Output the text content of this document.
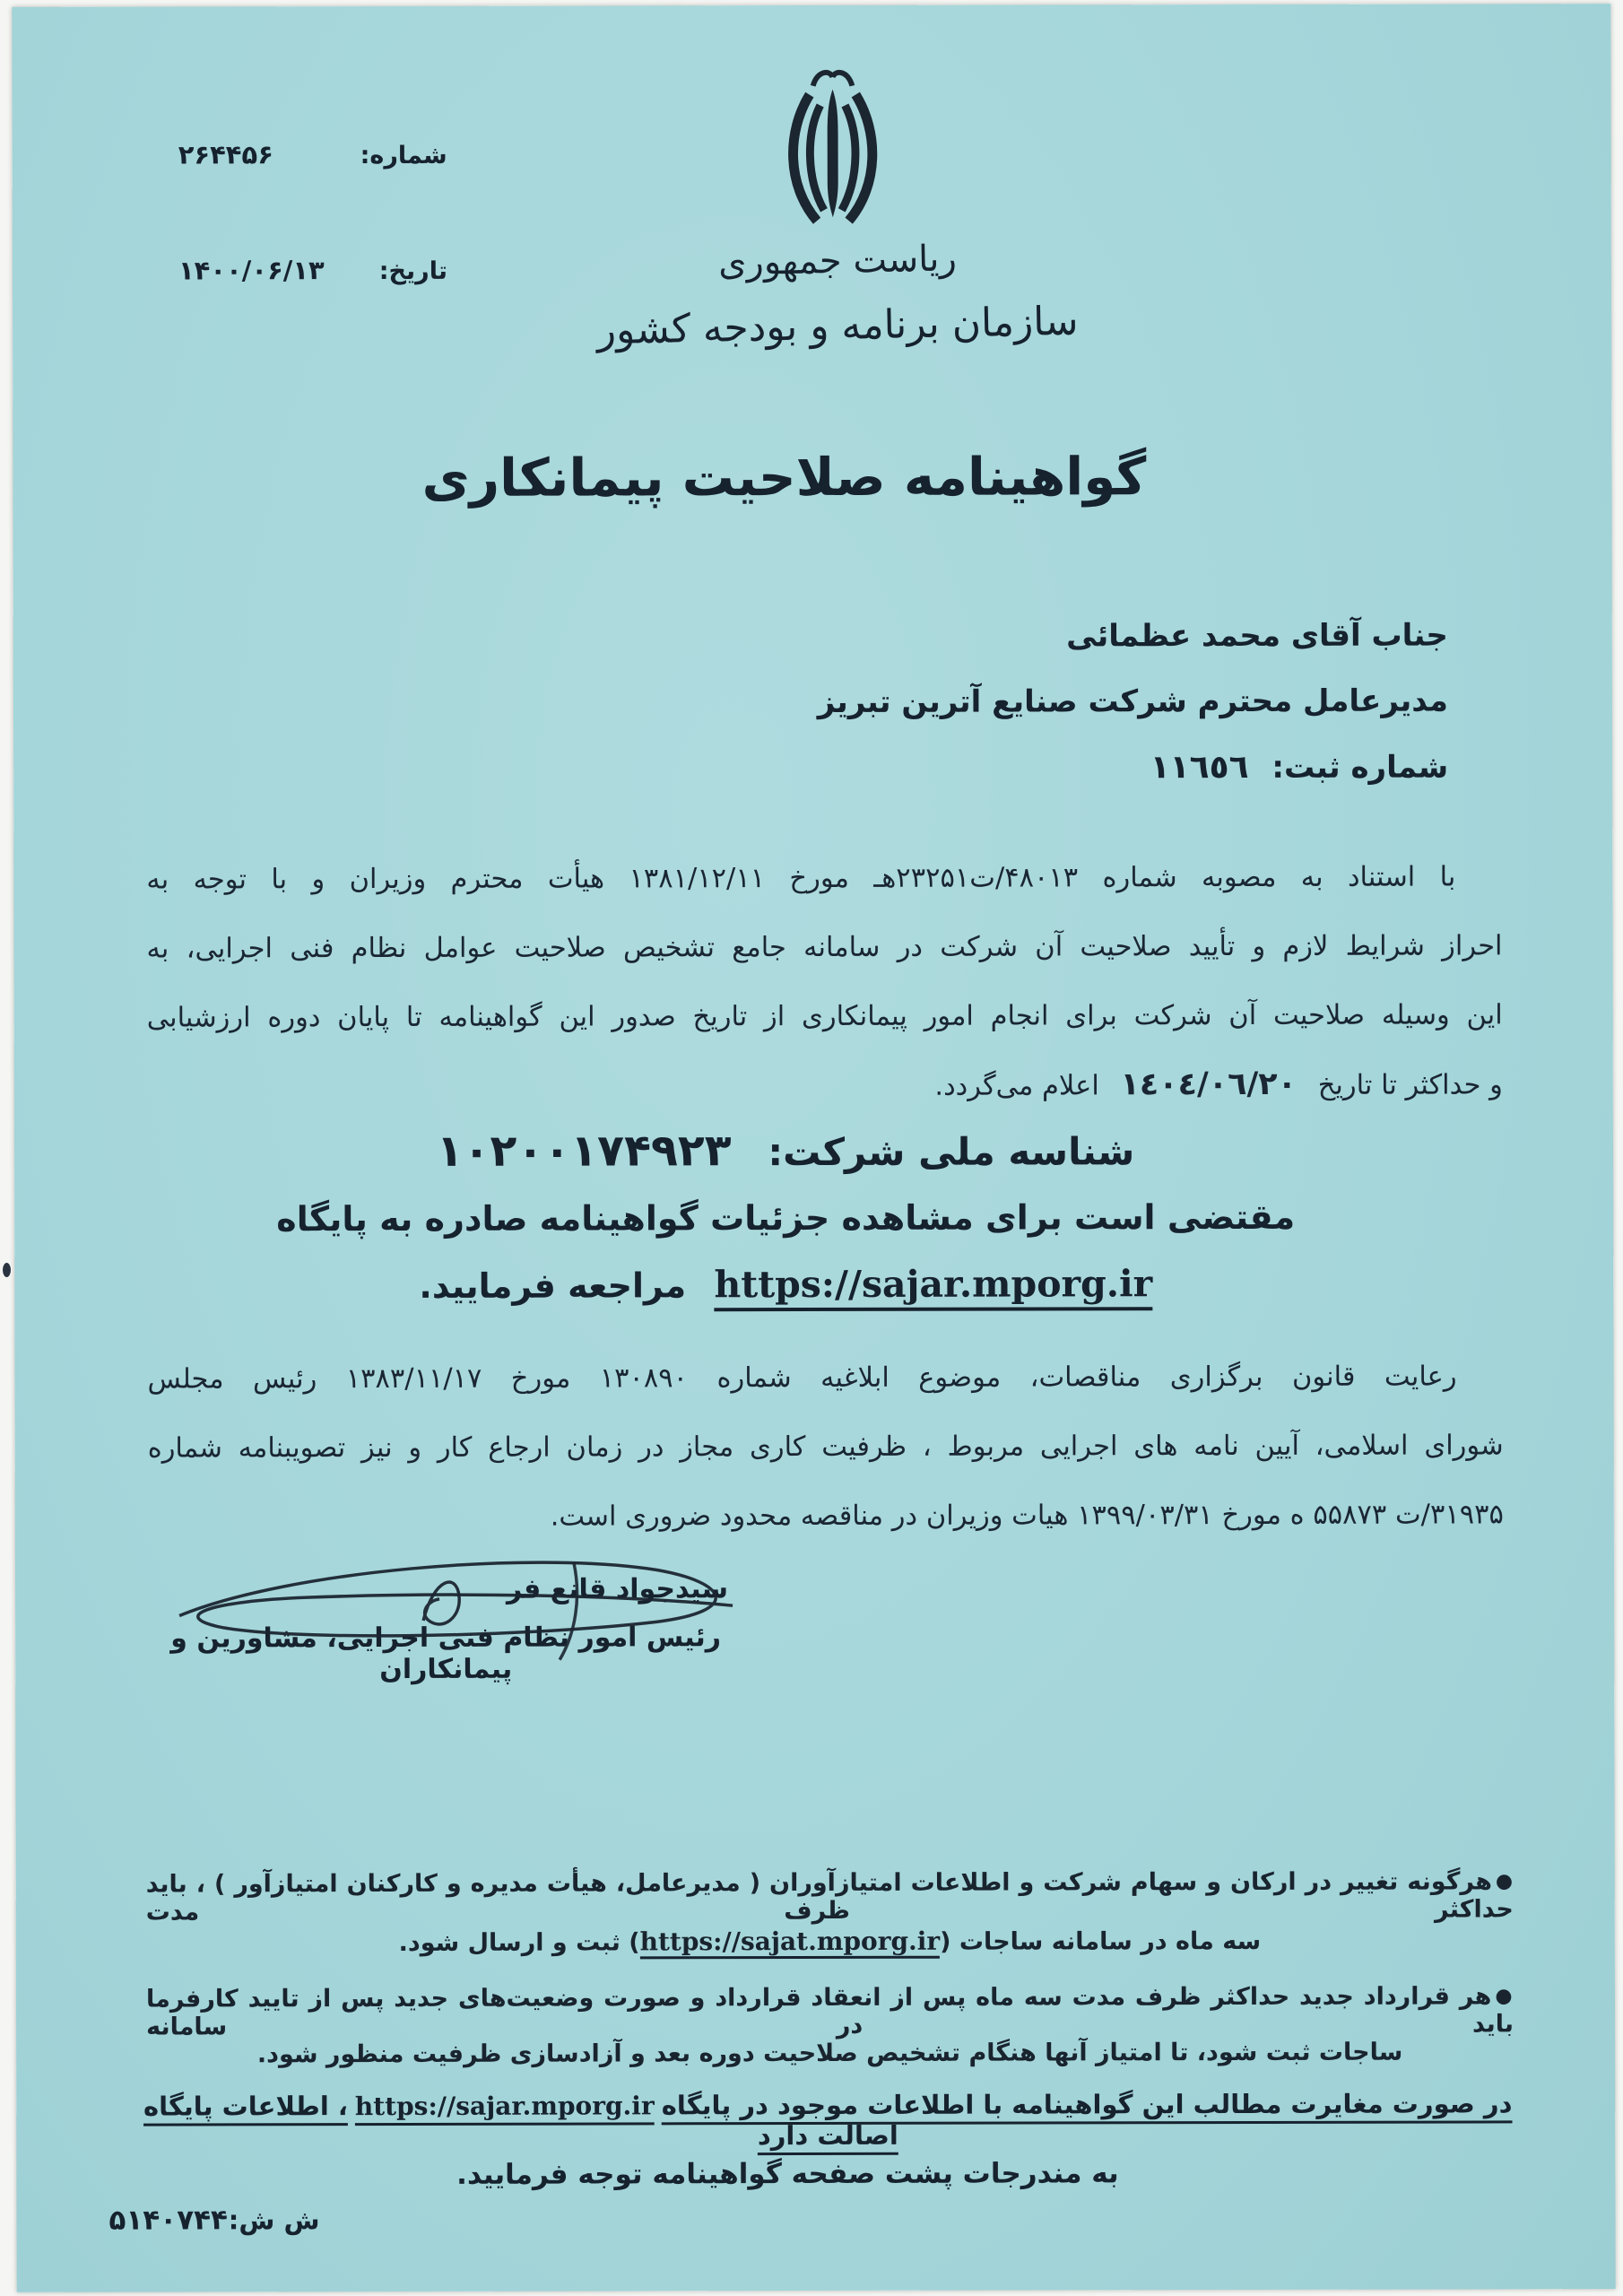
شماره:
۲۶۴۴۵۶
تاریخ:
۱۴۰۰/۰۶/۱۳	ریاست جمهوری
سازمان برنامه و بودجه کشور
گواهینامه صلاحیت پیمانکاری
جناب آقای محمد عظمائی
مدیرعامل محترم شرکت صنایع آترین تبریز
شماره ثبت: ١١٦٥٦
با استناد به مصوبه شماره ۴۸۰۱۳/ت۲۳۲۵۱هـ مورخ ۱۳۸۱/۱۲/۱۱ هیأت محترم وزیران و با توجه به
احراز شرایط لازم و تأیید صلاحیت آن شرکت در سامانه جامع تشخیص صلاحیت عوامل نظام فنی اجرایی، به
این وسیله صلاحیت آن شرکت برای انجام امور پیمانکاری از تاریخ صدور این گواهینامه تا پایان دوره ارزشیابی
و حداکثر تا تاریخ ١٤٠٤/٠٦/٢٠ اعلام می‌گردد.
شناسه ملی شرکت: ۱۰۲۰۰۱۷۴۹۲۳
مقتضی است برای مشاهده جزئیات گواهینامه صادره به پایگاه
https://sajar.mporg.ir مراجعه فرمایید.
رعایت قانون برگزاری مناقصات، موضوع ابلاغیه شماره ۱۳۰۸۹۰ مورخ ۱۳۸۳/۱۱/۱۷ رئیس مجلس
شورای اسلامی، آیین نامه های اجرایی مربوط ، ظرفیت کاری مجاز در زمان ارجاع کار و نیز تصویبنامه شماره
۳۱۹۳۵/ت ۵۵۸۷۳ ه مورخ ۱۳۹۹/۰۳/۳۱ هیات وزیران در مناقصه محدود ضروری است.
سیدجواد قانع فر
رئیس امور نظام فنی اجرایی، مشاورین و پیمانکاران
●هرگونه تغییر در ارکان و سهام شرکت و اطلاعات امتیازآوران ( مدیرعامل، هیأت مدیره و کارکنان امتیازآور ) ، باید حداکثر ظرف مدت
سه ماه در سامانه ساجات (https://sajat.mporg.ir) ثبت و ارسال شود.
●هر قرارداد جدید حداکثر ظرف مدت سه ماه پس از انعقاد قرارداد و صورت وضعیت‌های جدید پس از تایید کارفرما باید در سامانه
ساجات ثبت شود، تا امتیاز آنها هنگام تشخیص صلاحیت دوره بعد و آزادسازی ظرفیت منظور شود.
در صورت مغایرت مطالب این گواهینامه با اطلاعات موجود در پایگاهhttps://sajar.mporg.ir، اطلاعات پایگاه اصالت دارد
به مندرجات پشت صفحه گواهینامه توجه فرمایید.
ش ش:
۵۱۴۰۷۴۴
